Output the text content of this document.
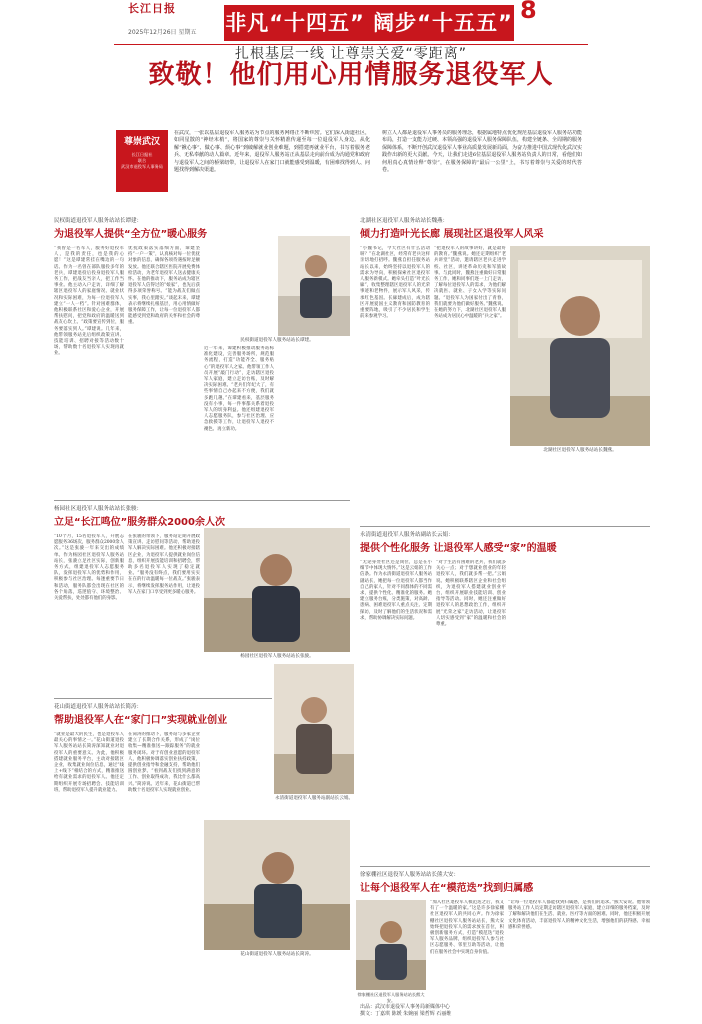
长江日报
2025年12月26日 星期五 非凡“十四五” 阔步“十五五” 8
扎根基层一线 让尊崇关爱“零距离”
致敬！他们用心用情服务退役军人
尊崇武汉
长江日报社
联合
武汉市退役军人事务局
在武汉，一张以基层退役军人服务站为节点的服务网络正不断织密。它们深入街道社区，如同星散的“神经末梢”，将国家的尊崇与关怀精准传递至每一位退役军人身边。从化解“揪心事”、做心事、烦心事”到破解就业创业难题，到搭建再就业平台，书写着服务老兵、无私奉献的动人篇章。近年来，退役军人服务站正从基层走向前台成为沟通党和政府与退役军人之间的桥梁纽带，让退役军人在家门口就能感受到温暖，有困难找得到人、问题找得到解决渠道。
树立人人都是退役军人事务员的服务理念，根据属地特点优化规范基层退役军人服务站功能布局，打造一支能力过硬、本领高强的退役军人服务保障队伍，构建全链条、全周期的服务保障体系，不断开创武汉退役军人事业高质量发展新局面，为奋力推进中国式现代化武汉实践作出新的更大贡献。今天，让我们走进6位基层退役军人服务站负责人的日常，看他们如何用真心真情诠释“尊崇”，在服务保障的“最后一公里”上，书写着尊崇与关爱的时代答卷。
民权街道退役军人服务站站长谭建：
为退役军人提供“全方位”暖心服务
“我曾是一名军人，服务好退役军人，是我的责任，也是我的心愿！”这是谭建常挂在嘴边的一句话。作为一名曾在部队服役多年的老兵，谭建退役后投身退役军人服务工作，把战友当亲人，把工作当事业。他主动入户走访，详细了解辖区退役军人的家庭情况、就业状况和实际困难，为每一位退役军人建立“一人一档”。针对困难群体，他积极联系社区和爱心企业，开展帮扶慰问，把党和政府的温暖送到战友心坎上。“政策要宣传到位，服务要落实到人。”谭建说。几年来，他带领服务站先后组织政策宣讲、技能培训、招聘对接等活动数十场，帮助数十名退役军人实现再就业。
优抚政策落实落细方面，谭建坚持“一户一策”，认真核对每一位优抚对象的信息，确保各项待遇按时足额发放。他还联合辖区医院开展免费体检活动，为老年退役军人送去健康关怀。在他的推动下，服务站成为辖区退役军人信得过的“娘家”，也先后获得多项荣誉称号。“能为战友们做点实事，我心里踏实。”谈起未来，谭建表示将继续扎根基层，用心用情做好服务保障工作，让每一位退役军人都能感受到党和政府的关怀和社会的尊重。
近一年来，谭建积极推动服务站标准化建设，完善服务场所，规范服务流程，打造“功能齐全、服务贴心”的退役军人之家。他带领工作人员开展“敲门行动”，走访辖区退役军人家庭，建立走访台账，及时解决实际困难。“老兵们年纪大了，有些事情自己办起来不方便，我们就多跑几趟。”在谭建看来，基层服务没有小事，每一件事都关系着退役军人的切身利益。他还组建退役军人志愿服务队，参与社区治理、应急救援等工作，让退役军人退役不褪色、再立新功。
民权街道退役军人服务站站长谭建。
北湖社区退役军人服务站站长魏燕：
倾力打造叶光长廊 展现社区退役军人风采
“小魏书记，今天社区有什么活动呀？”在北湖社区，经常有老兵这样亲切地打招呼。魏燕自担任服务站站长以来，始终坚持以退役军人的需求为导向，积极探索社区退役军人服务新模式。她牵头打造“叶光长廊”，收集整理辖区退役军人的光荣事迹和老物件，展示军人风采，传承红色基因。长廊建成后，成为辖区开展爱国主义教育和国防教育的重要阵地，吸引了不少居民和学生前来参观学习。
“把退役军人的故事讲好，就是最好的教育。”魏燕说。她还定期组织“老兵讲堂”活动，邀请辖区老兵走进学校、社区，讲述革命历史和军旅故事。与此同时，魏燕注重做好日常服务工作，她和同事们逐一上门走访，了解每位退役军人的需求，为他们解决就医、就业、子女入学等实际问题。“退役军人为国家付出了青春，我们就要为他们做好服务。”魏燕说。在她的努力下，北湖社区退役军人服务站成为居民心中温暖的“兵之家”。
北湖社区退役军人服务站站长魏燕。
杨园社区退役军人服务站站长张骏：
立足“长江鸣位”服务群众2000余人次
“10个月，15名退役军人，开展志愿服务36场次，服务群众2000余人次。”这是张骏一年来交出的成绩单。作为杨园社区退役军人服务站站长，张骏立足社区实际，创新服务方式，组建退役军人志愿服务队，发挥退役军人的优势和作用，积极参与社区治理。每逢重要节日和活动，服务队都会出现在社区的各个角落，巡逻值守、环境整治、关爱帮扶，处处都有他们的身影。
在张骏的带领下，服务站定期开展政策宣讲、走访慰问等活动，帮助退役军人解决实际困难。他还积极对接辖区企业，为退役军人提供就业岗位信息，组织开展技能培训和招聘会，帮助多名退役军人实现了稳定就业。“服务没有终点，我们要用实实在在的行动温暖每一位战友。”张骏表示，将继续发挥服务站作用，让退役军人在家门口享受到更多暖心服务。
杨园社区退役军人服务站站长张骏。
永清街道退役军人服务站副站长云娟：
提供个性化服务 让退役军人感受“家”的温暖
“无论身处社区还是岗位，总是在小细节中体现大情怀。”这是云娟的工作信条。作为永清街道退役军人服务站副站长，她把每一位退役军人都当作自己的家人，针对不同群体的不同需求，提供个性化、精准化的服务。她建立服务台账，分类施策，对高龄、患病、困难退役军人重点关注、定期探访，及时了解他们的生活状况和需求，帮助协调解决实际问题。
“对于生活有困难的老兵，我们就多关心一点；对于想就业创业的年轻退役军人，我们就多帮一把。”云娟说。她积极联系辖区企业和社会组织，为退役军人搭建就业创业平台，组织开展职业技能培训、创业指导等活动。同时，她还注重做好退役军人的思想政治工作，组织开展“光荣之家”走访活动，让退役军人切实感受到“家”的温暖和社会的尊重。
永清街道退役军人服务站副站长云娟。
花山街道退役军人服务站站长简涛：
帮助退役军人在“家门口”实现就业创业
“就业是最大的民生，也是退役军人最关心的事情之一。”花山街道退役军人服务站站长简涛深知就业对退役军人的重要意义。为此，他积极搭建就业服务平台，主动对接辖区企业，收集就业岗位信息，通过“线上+线下”相结合的方式，精准推送给有就业需求的退役军人。他还定期组织开展专场招聘会、技能培训班，帮助退役军人提升就业能力。
在简涛的推动下，服务站与多家企业建立了长期合作关系，形成了“岗位收集—精准推送—跟踪服务”的就业服务闭环。对于有创业意愿的退役军人，他积极协调落实创业扶持政策，提供创业指导和金融支持，帮助他们圆创业梦。“看到战友们找到满意的工作、创业取得成功，我比什么都高兴。”简涛说。近年来，花山街道已帮助数十名退役军人实现就业创业。
花山街道退役军人服务站站长简涛。
徐家棚社区退役军人服务站站长熊大安：
让每个退役军人在“模范迭”找到归属感
“加入社区退役军人模范迭之后，我又有了一个温暖的家。”这是许多徐家棚社区退役军人的共同心声。作为徐家棚社区退役军人服务站站长，熊大安始终把退役军人的需求放在首位，积极创新服务方式，打造“模范迭”退役军人服务品牌，组织退役军人参与社区志愿服务、邻里互助等活动，让他们在服务社会中实现自身价值。
“让每一位退役军人都能找到归属感，是我们的追求。”熊大安说。他带领服务站工作人员定期走访辖区退役军人家庭，建立详细的服务档案，及时了解和解决他们在生活、就业、医疗等方面的困难。同时，他还积极开展文化体育活动，丰富退役军人的精神文化生活，增强他们的获得感、幸福感和荣誉感。
徐家棚社区退役军人服务站站长熊大安。
出品：武汉市退役军人事务局新媒体中心
撰文：丁嘉琪 陈媛 朱婉丽 梁哲辉 石丽维
